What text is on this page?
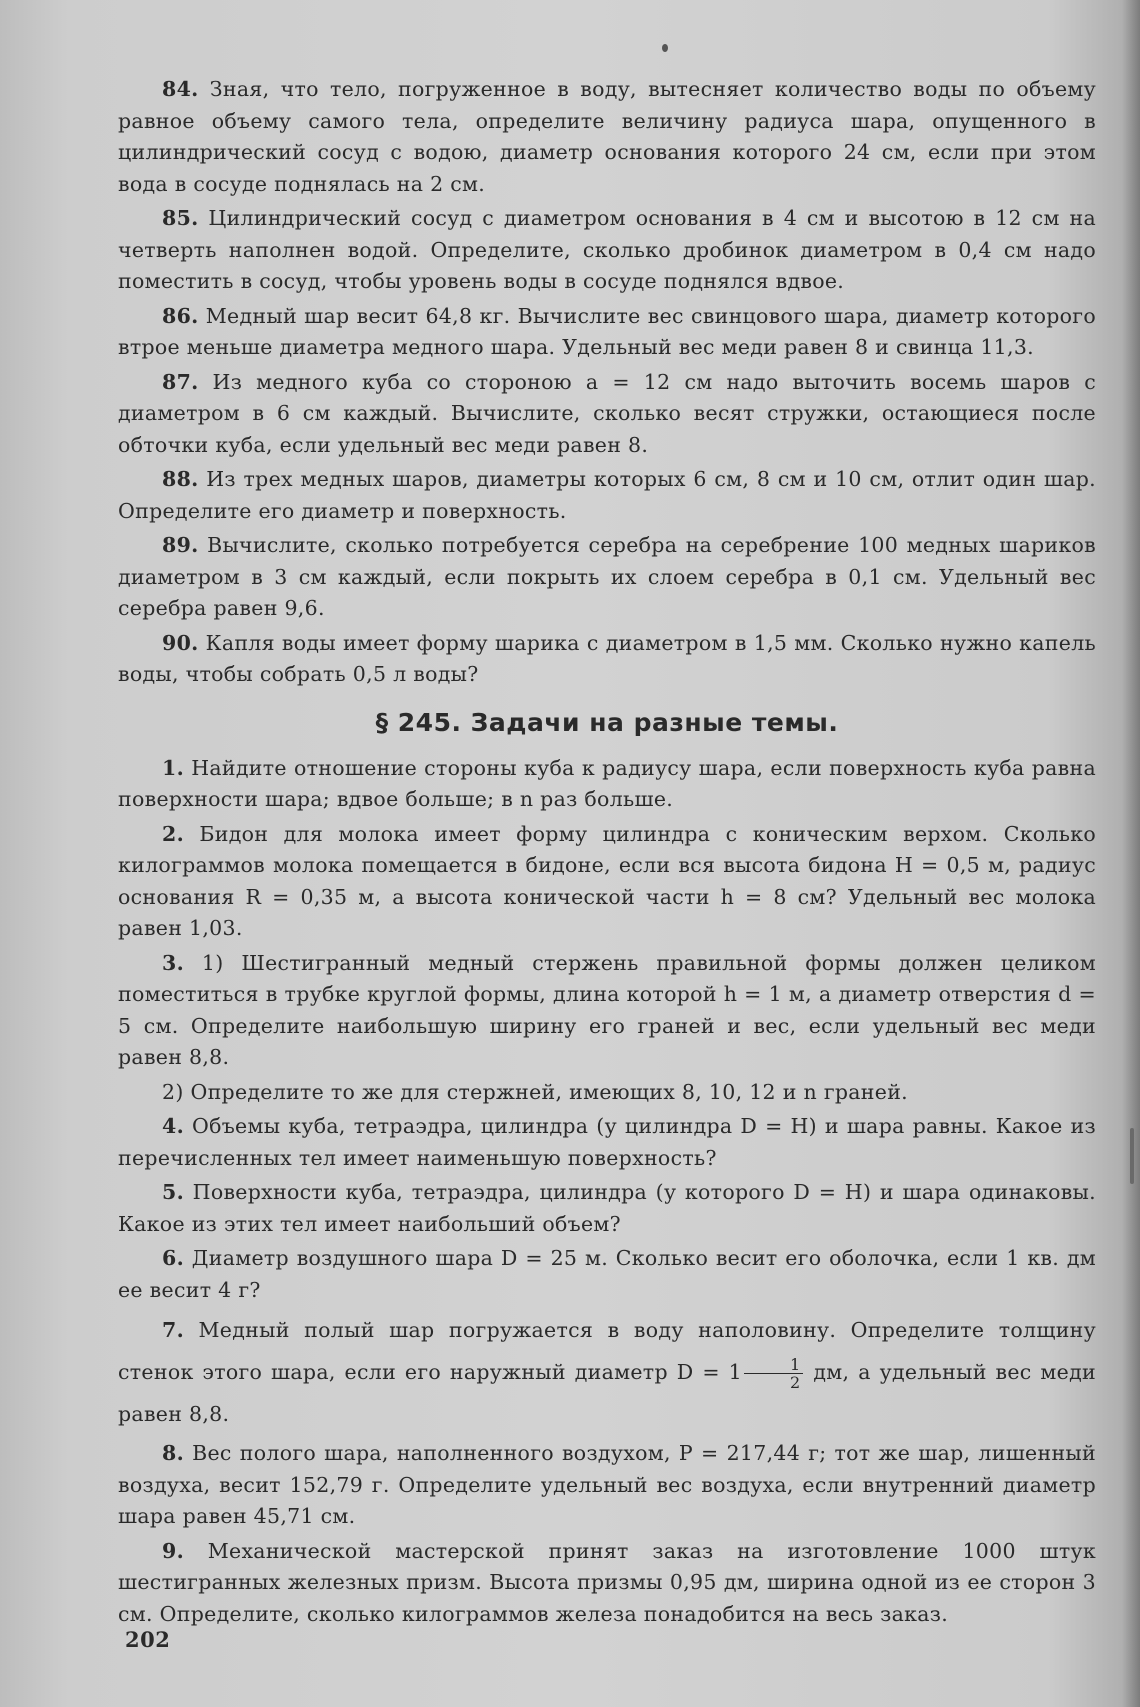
84. Зная, что тело, погруженное в воду, вытесняет количество воды по объему равное объему самого тела, определите величину радиуса шара, опущенного в цилиндрический сосуд с водою, диаметр основания которого 24 см, если при этом вода в сосуде поднялась на 2 см.

85. Цилиндрический сосуд с диаметром основания в 4 см и высотою в 12 см на четверть наполнен водой. Определите, сколько дробинок диаметром в 0,4 см надо поместить в сосуд, чтобы уровень воды в сосуде поднялся вдвое.

86. Медный шар весит 64,8 кг. Вычислите вес свинцового шара, диаметр которого втрое меньше диаметра медного шара. Удельный вес меди равен 8 и свинца 11,3.

87. Из медного куба со стороною a = 12 см надо выточить восемь шаров с диаметром в 6 см каждый. Вычислите, сколько весят стружки, остающиеся после обточки куба, если удельный вес меди равен 8.

88. Из трех медных шаров, диаметры которых 6 см, 8 см и 10 см, отлит один шар. Определите его диаметр и поверхность.

89. Вычислите, сколько потребуется серебра на серебрение 100 медных шариков диаметром в 3 см каждый, если покрыть их слоем серебра в 0,1 см. Удельный вес серебра равен 9,6.

90. Капля воды имеет форму шарика с диаметром в 1,5 мм. Сколько нужно капель воды, чтобы собрать 0,5 л воды?

§ 245. Задачи на разные темы.

1. Найдите отношение стороны куба к радиусу шара, если поверхность куба равна поверхности шара; вдвое больше; в n раз больше.

2. Бидон для молока имеет форму цилиндра с коническим верхом. Сколько килограммов молока помещается в бидоне, если вся высота бидона H = 0,5 м, радиус основания R = 0,35 м, а высота конической части h = 8 см? Удельный вес молока равен 1,03.

3. 1) Шестигранный медный стержень правильной формы должен целиком поместиться в трубке круглой формы, длина которой h = 1 м, а диаметр отверстия d = 5 см. Определите наибольшую ширину его граней и вес, если удельный вес меди равен 8,8.

2) Определите то же для стержней, имеющих 8, 10, 12 и n граней.

4. Объемы куба, тетраэдра, цилиндра (у цилиндра D = H) и шара равны. Какое из перечисленных тел имеет наименьшую поверхность?

5. Поверхности куба, тетраэдра, цилиндра (у которого D = H) и шара одинаковы. Какое из этих тел имеет наибольший объем?

6. Диаметр воздушного шара D = 25 м. Сколько весит его оболочка, если 1 кв. дм ее весит 4 г?

7. Медный полый шар погружается в воду наполовину. Определите толщину стенок этого шара, если его наружный диаметр $D = 1 \frac{1}{2}$ дм, а удельный вес меди равен 8,8.

8. Вес полого шара, наполненного воздухом, P = 217,44 г; тот же шар, лишенный воздуха, весит 152,79 г. Определите удельный вес воздуха, если внутренний диаметр шара равен 45,71 см.

9. Механической мастерской принят заказ на изготовление 1000 штук шестигранных железных призм. Высота призмы 0,95 дм, ширина одной из ее сторон 3 см. Определите, сколько килограммов железа понадобится на весь заказ.

202
